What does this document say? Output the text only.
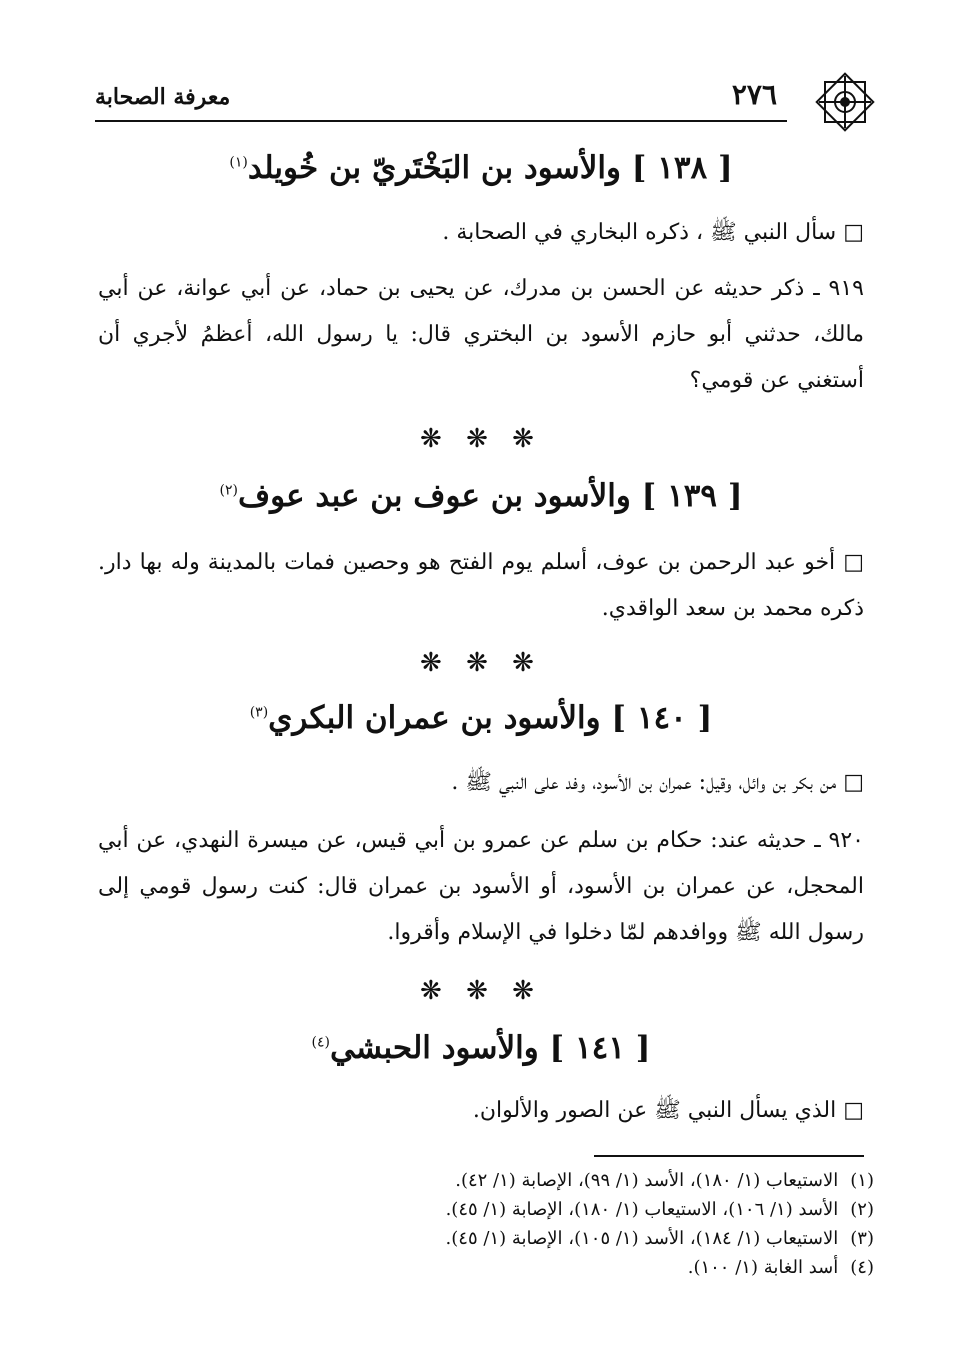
معرفة الصحابة	٢٧٦
[ ١٣٨ ] والأسود بن البَخْتَريّ بن خُويلد$^{(١)}$
□ سأل النبي ﷺ ، ذكره البخاري في الصحابة .
٩١٩ ـ ذكر حديثه عن الحسن بن مدرك، عن يحيى بن حماد، عن أبي عوانة، عن أبي مالك، حدثني أبو حازم الأسود بن البختري قال: يا رسول الله، أعظمُ لأجري أن أستغني عن قومي؟
❋ ❋ ❋
[ ١٣٩ ] والأسود بن عوف بن عبد عوف$^{(٢)}$
□ أخو عبد الرحمن بن عوف، أسلم يوم الفتح هو وحصين فمات بالمدينة وله بها دار. ذكره محمد بن سعد الواقدي.
❋ ❋ ❋
[ ١٤٠ ] والأسود بن عمران البكري$^{(٣)}$
□ من بكر بن وائل، وقيل: عمران بن الأسود، وفد على النبي ﷺ .
٩٢٠ ـ حديثه عند: حكام بن سلم عن عمرو بن أبي قيس، عن ميسرة النهدي، عن أبي المحجل، عن عمران بن الأسود، أو الأسود بن عمران قال: كنت رسول قومي إلى رسول الله ﷺ ووافدهم لمّا دخلوا في الإسلام وأقروا.
❋ ❋ ❋
[ ١٤١ ] والأسود الحبشي$^{(٤)}$
□ الذي يسأل النبي ﷺ عن الصور والألوان.
(١)الاستيعاب (١/ ١٨٠)، الأسد (١/ ٩٩)، الإصابة (١/ ٤٢).
(٢)الأسد (١/ ١٠٦)، الاستيعاب (١/ ١٨٠)، الإصابة (١/ ٤٥).
(٣)الاستيعاب (١/ ١٨٤)، الأسد (١/ ١٠٥)، الإصابة (١/ ٤٥).
(٤)أسد الغابة (١/ ١٠٠).
